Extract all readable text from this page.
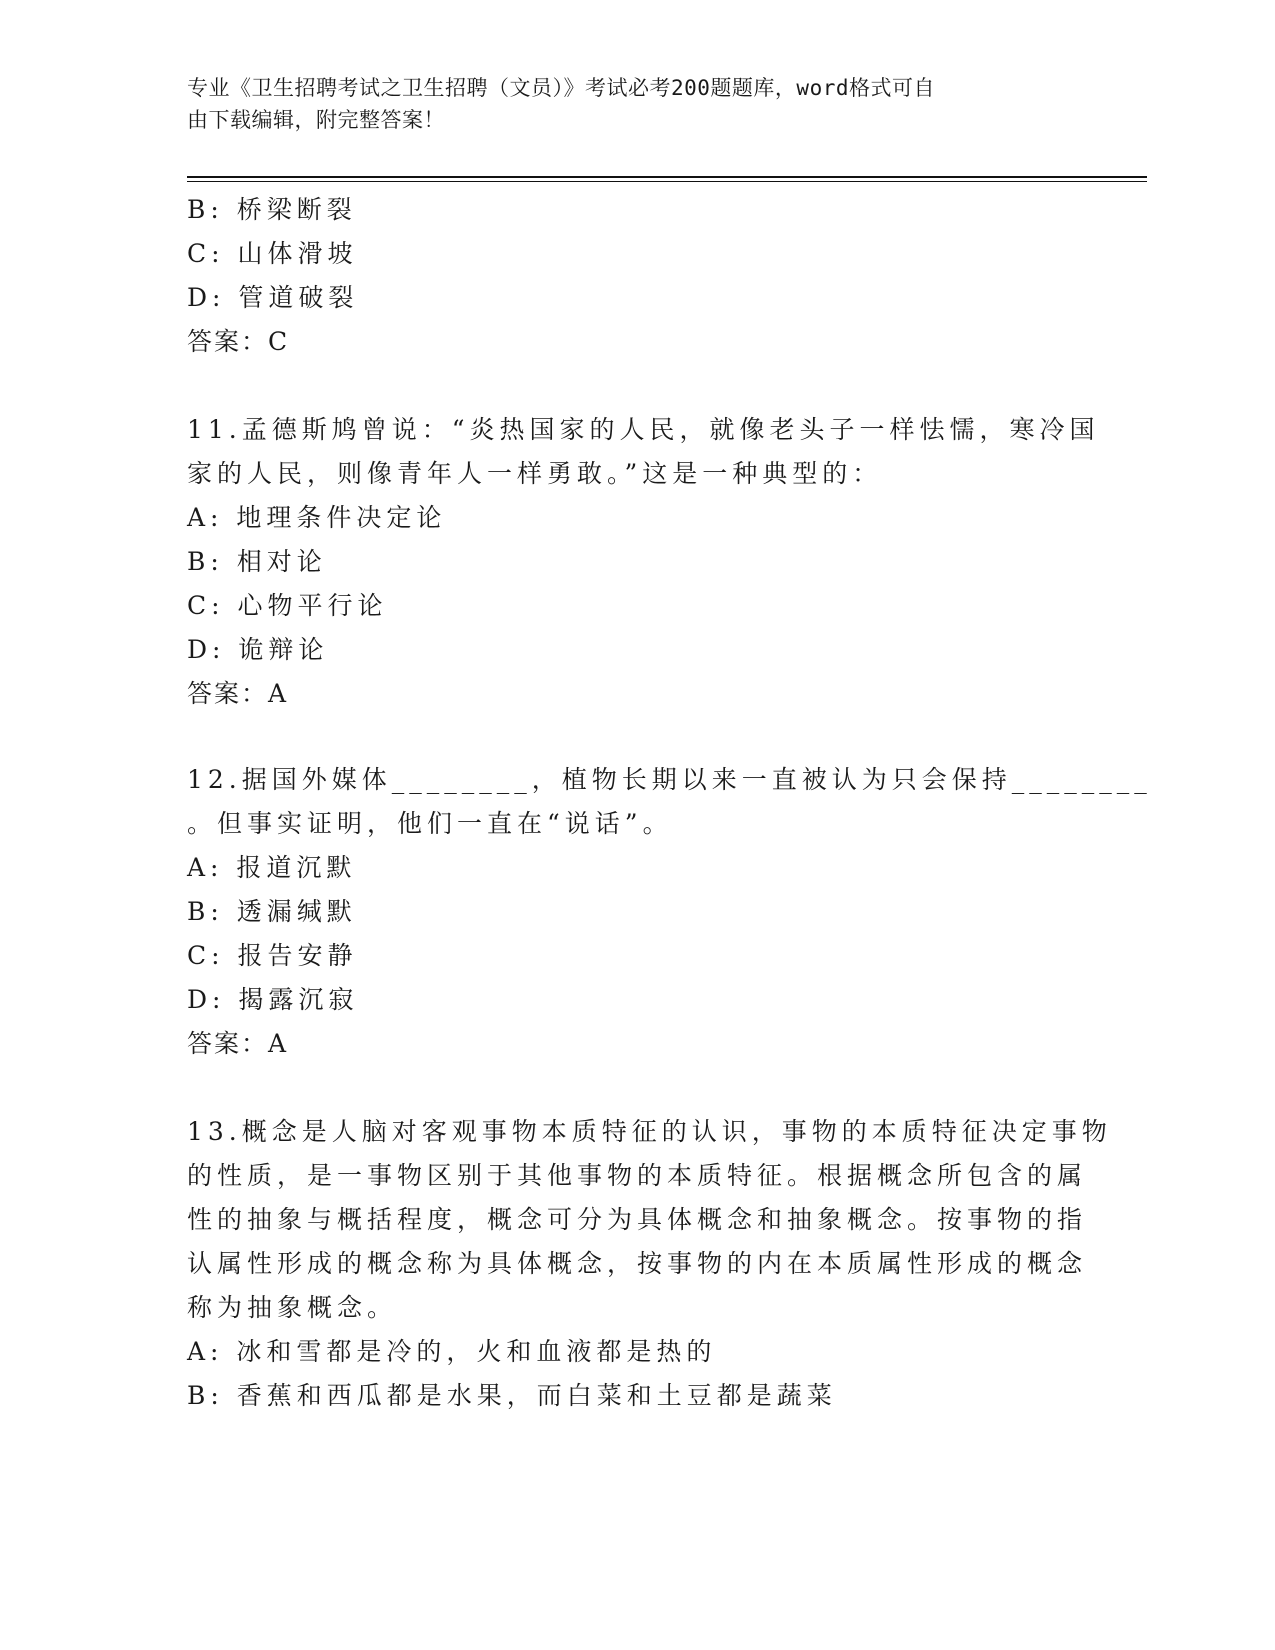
专业《卫生招聘考试之卫生招聘（文员）》考试必考200题题库，word格式可自
由下载编辑，附完整答案！
B: 桥梁断裂
C: 山体滑坡
D: 管道破裂
答案：C
11.孟德斯鸠曾说：“炎热国家的人民，就像老头子一样怯懦，寒冷国
家的人民，则像青年人一样勇敢。”这是一种典型的：
A: 地理条件决定论
B: 相对论
C: 心物平行论
D: 诡辩论
答案：A
12.据国外媒体________，植物长期以来一直被认为只会保持________
。但事实证明，他们一直在“说话”。
A: 报道沉默
B: 透漏缄默
C: 报告安静
D: 揭露沉寂
答案：A
13.概念是人脑对客观事物本质特征的认识，事物的本质特征决定事物
的性质，是一事物区别于其他事物的本质特征。根据概念所包含的属
性的抽象与概括程度，概念可分为具体概念和抽象概念。按事物的指
认属性形成的概念称为具体概念，按事物的内在本质属性形成的概念
称为抽象概念。
A: 冰和雪都是冷的，火和血液都是热的
B: 香蕉和西瓜都是水果，而白菜和土豆都是蔬菜
